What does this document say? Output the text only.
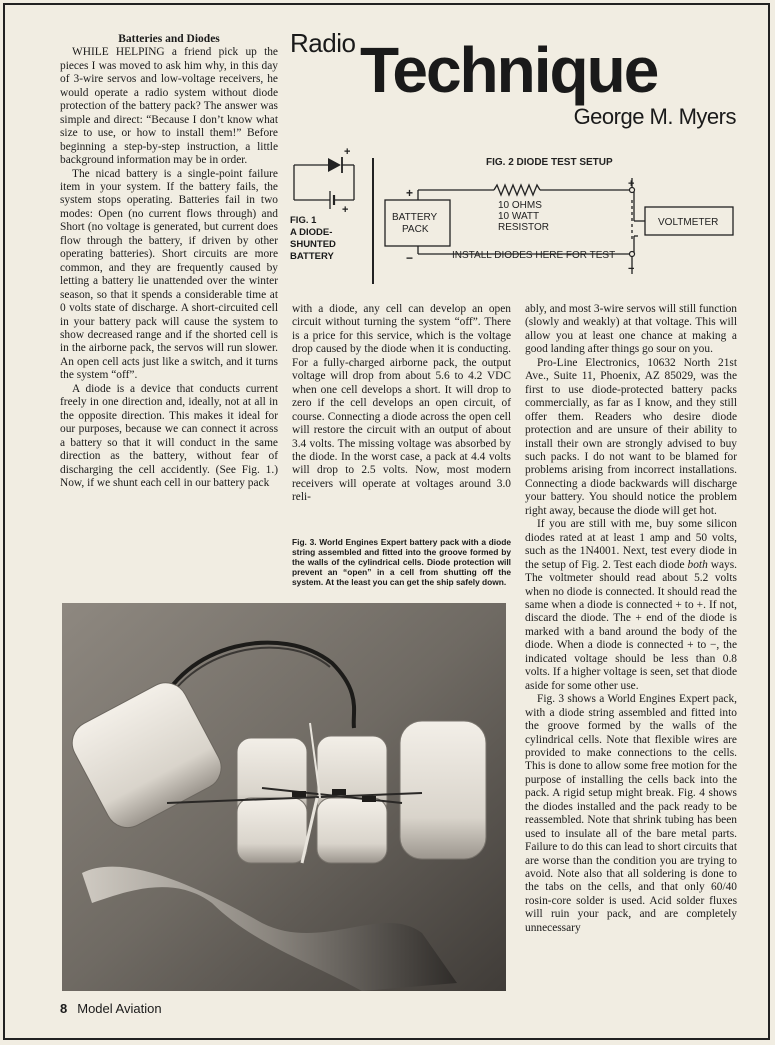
Radio Technique
George M. Myers

Batteries and Diodes

WHILE HELPING a friend pick up the pieces I was moved to ask him why, in this day of 3-wire servos and low-voltage receivers, he would operate a radio system without diode protection of the battery pack? The answer was simple and direct: “Because I don’t know what size to use, or how to install them!” Before beginning a step-by-step instruction, a little background information may be in order.

The nicad battery is a single-point failure item in your system. If the battery fails, the system stops operating. Batteries fail in two modes: Open (no current flows through) and Short (no voltage is generated, but current does flow through the battery, if driven by other operating batteries). Short circuits are more common, and they are frequently caused by letting a battery lie unattended over the winter season, so that it spends a considerable time at 0 volts state of discharge. A short-circuited cell in your battery pack will cause the system to show decreased range and if the shorted cell is in the airborne pack, the servos will run slower. An open cell acts just like a switch, and it turns the system “off”.

A diode is a device that conducts current freely in one direction and, ideally, not at all in the opposite direction. This makes it ideal for our purposes, because we can connect it across a battery so that it will conduct in the same direction as the battery, without fear of discharging the cell accidently. (See Fig. 1.) Now, if we shunt each cell in our battery pack

+
+
FIG. 1
A DIODE-
SHUNTED
BATTERY
FIG. 2 DIODE TEST SETUP
+
−
+
−
BATTERY
PACK
10 OHMS
10 WATT
RESISTOR	VOLTMETER
INSTALL DIODES HERE FOR TEST

with a diode, any cell can develop an open circuit without turning the system “off”. There is a price for this service, which is the voltage drop caused by the diode when it is conducting. For a fully-charged airborne pack, the output voltage will drop from about 5.6 to 4.2 VDC when one cell develops a short. It will drop to zero if the cell develops an open circuit, of course. Connecting a diode across the open cell will restore the circuit with an output of about 3.4 volts. The missing voltage was absorbed by the diode. In the worst case, a pack at 4.4 volts will drop to 2.5 volts. Now, most modern receivers will operate at voltages around 3.0 reli-

Fig. 3. World Engines Expert battery pack with a diode string assembled and fitted into the groove formed by the walls of the cylindrical cells. Diode protection will prevent an “open” in a cell from shutting off the system. At the least you can get the ship safely down.

ably, and most 3-wire servos will still function (slowly and weakly) at that voltage. This will allow you at least one chance at making a good landing after things go sour on you.

Pro-Line Electronics, 10632 North 21st Ave., Suite 11, Phoenix, AZ 85029, was the first to use diode-protected battery packs commercially, as far as I know, and they still offer them. Readers who desire diode protection and are unsure of their ability to install their own are strongly advised to buy such packs. I do not want to be blamed for problems arising from incorrect installations. Connecting a diode backwards will discharge your battery. You should notice the problem right away, because the diode will get hot.

If you are still with me, buy some silicon diodes rated at at least 1 amp and 50 volts, such as the 1N4001. Next, test every diode in the setup of Fig. 2. Test each diode both ways. The voltmeter should read about 5.2 volts when no diode is connected. It should read the same when a diode is connected + to +. If not, discard the diode. The + end of the diode is marked with a band around the body of the diode. When a diode is connected + to −, the indicated voltage should be less than 0.8 volts. If a higher voltage is seen, set that diode aside for some other use.

Fig. 3 shows a World Engines Expert pack, with a diode string assembled and fitted into the groove formed by the walls of the cylindrical cells. Note that flexible wires are provided to make connections to the cells. This is done to allow some free motion for the purpose of installing the cells back into the pack. A rigid setup might break. Fig. 4 shows the diodes installed and the pack ready to be reassembled. Note that shrink tubing has been used to insulate all of the bare metal parts. Failure to do this can lead to short circuits that are worse than the condition you are trying to avoid. Note also that all soldering is done to the tabs on the cells, and that only 60/40 rosin-core solder is used. Acid solder fluxes will ruin your pack, and are completely unnecessary

8 Model Aviation
